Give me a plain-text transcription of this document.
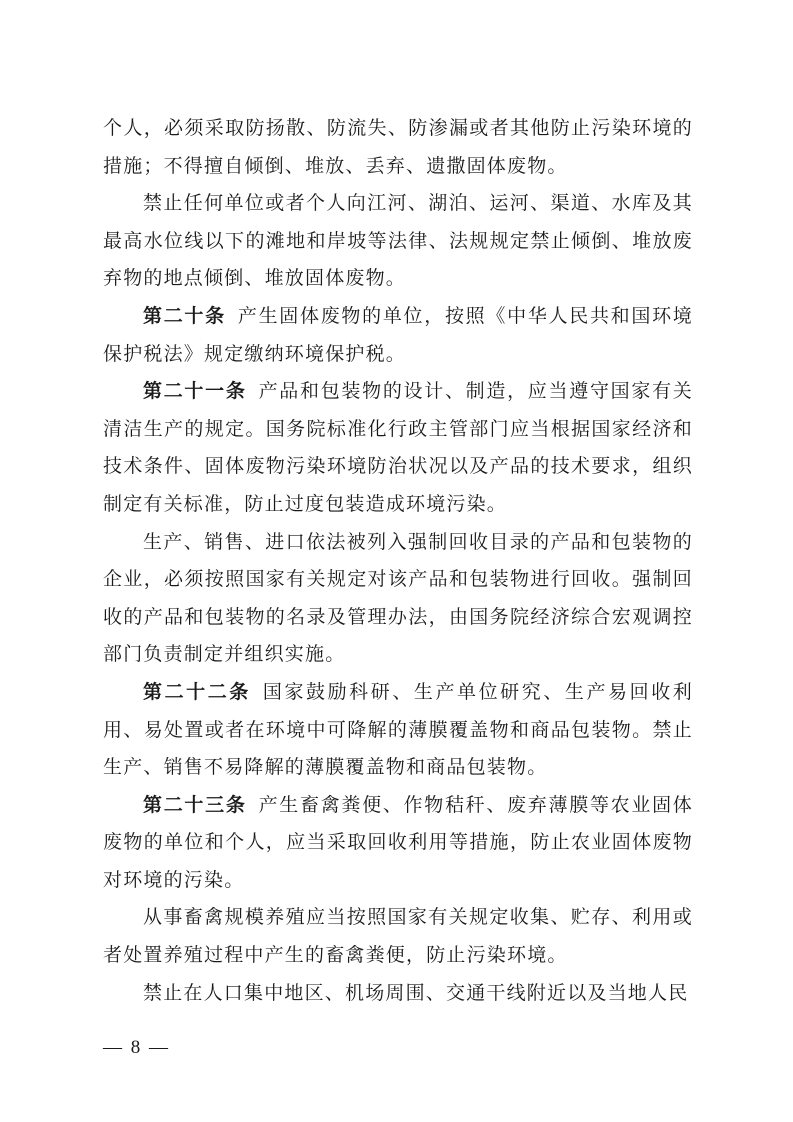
个人，必须采取防扬散、防流失、防渗漏或者其他防止污染环境的措施；不得擅自倾倒、堆放、丢弃、遗撒固体废物。

禁止任何单位或者个人向江河、湖泊、运河、渠道、水库及其最高水位线以下的滩地和岸坡等法律、法规规定禁止倾倒、堆放废弃物的地点倾倒、堆放固体废物。

第二十条 产生固体废物的单位，按照《中华人民共和国环境保护税法》规定缴纳环境保护税。

第二十一条 产品和包装物的设计、制造，应当遵守国家有关清洁生产的规定。国务院标准化行政主管部门应当根据国家经济和技术条件、固体废物污染环境防治状况以及产品的技术要求，组织制定有关标准，防止过度包装造成环境污染。

生产、销售、进口依法被列入强制回收目录的产品和包装物的企业，必须按照国家有关规定对该产品和包装物进行回收。强制回收的产品和包装物的名录及管理办法，由国务院经济综合宏观调控部门负责制定并组织实施。

第二十二条 国家鼓励科研、生产单位研究、生产易回收利用、易处置或者在环境中可降解的薄膜覆盖物和商品包装物。禁止生产、销售不易降解的薄膜覆盖物和商品包装物。

第二十三条 产生畜禽粪便、作物秸秆、废弃薄膜等农业固体废物的单位和个人，应当采取回收利用等措施，防止农业固体废物对环境的污染。

从事畜禽规模养殖应当按照国家有关规定收集、贮存、利用或者处置养殖过程中产生的畜禽粪便，防止污染环境。

禁止在人口集中地区、机场周围、交通干线附近以及当地人民

— 8 —
